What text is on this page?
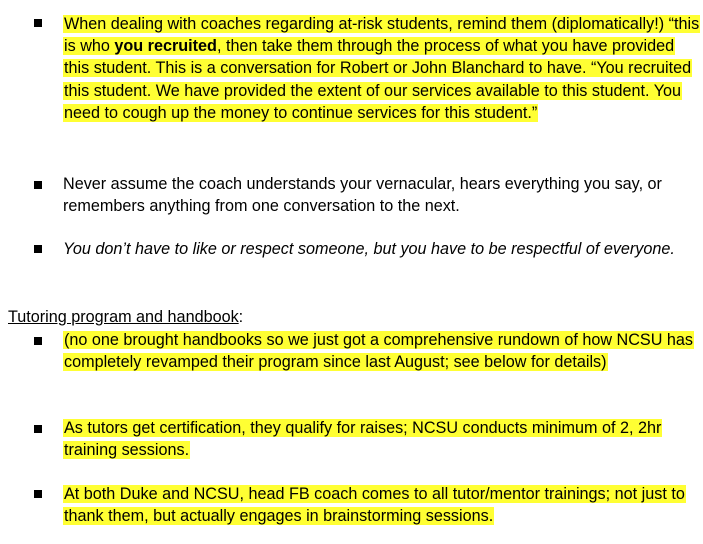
When dealing with coaches regarding at-risk students, remind them (diplomatically!) “this is who you recruited, then take them through the process of what you have provided this student. This is a conversation for Robert or John Blanchard to have. “You recruited this student. We have provided the extent of our services available to this student. You need to cough up the money to continue services for this student.”
Never assume the coach understands your vernacular, hears everything you say, or remembers anything from one conversation to the next.
You don’t have to like or respect someone, but you have to be respectful of everyone.
Tutoring program and handbook:
(no one brought handbooks so we just got a comprehensive rundown of how NCSU has completely revamped their program since last August; see below for details)
As tutors get certification, they qualify for raises; NCSU conducts minimum of 2, 2hr training sessions.
At both Duke and NCSU, head FB coach comes to all tutor/mentor trainings; not just to thank them, but actually engages in brainstorming sessions.
